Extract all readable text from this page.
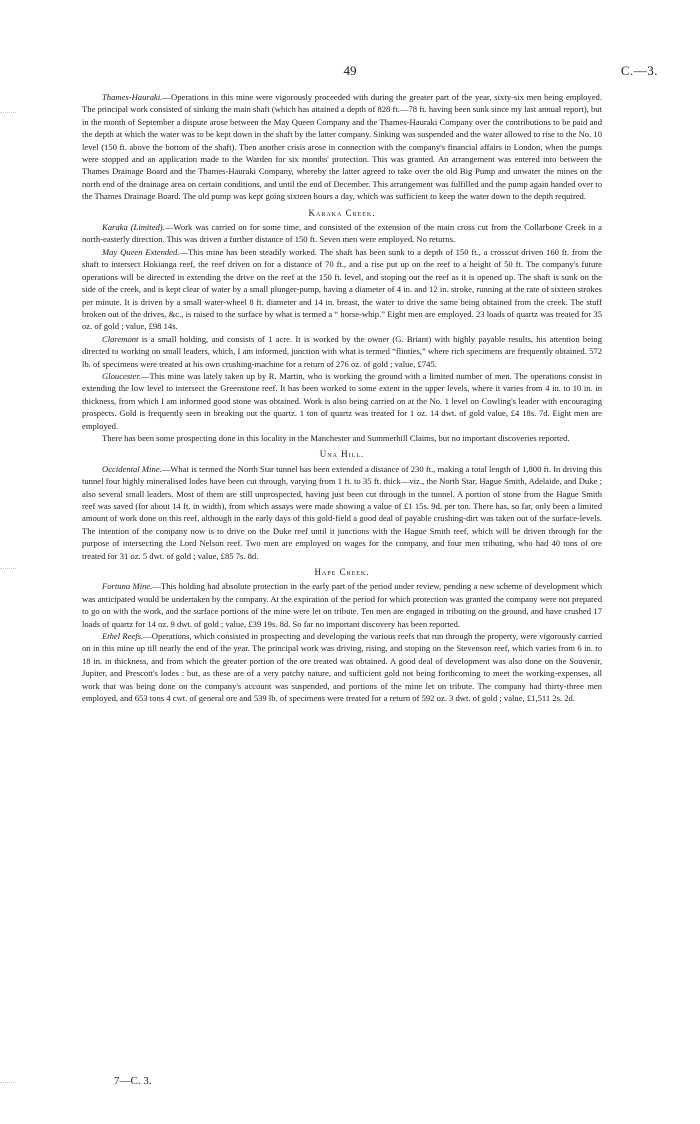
49	C.—3.

Thames-Hauraki.—Operations in this mine were vigorously proceeded with during the greater part of the year, sixty-six men being employed. The principal work consisted of sinking the main shaft (which has attained a depth of 828 ft.—78 ft. having been sunk since my last annual report), but in the month of September a dispute arose between the May Queen Company and the Thames-Hauraki Company over the contributions to be paid and the depth at which the water was to be kept down in the shaft by the latter company. Sinking was suspended and the water allowed to rise to the No. 10 level (150 ft. above the bottom of the shaft). Then another crisis arose in connection with the company's financial affairs in London, when the pumps were stopped and an application made to the Warden for six months' protection. This was granted. An arrangement was entered into between the Thames Drainage Board and the Thames-Hauraki Company, whereby the latter agreed to take over the old Big Pump and unwater the mines on the north end of the drainage area on certain conditions, and until the end of December. This arrangement was fulfilled and the pump again handed over to the Thames Drainage Board. The old pump was kept going sixteen hours a day, which was sufficient to keep the water down to the depth required.

Karaka Creek.

Karaka (Limited).—Work was carried on for some time, and consisted of the extension of the main cross cut from the Collarbone Creek in a north-easterly direction. This was driven a further distance of 150 ft. Seven men were employed. No returns.

May Queen Extended.—This mine has been steadily worked. The shaft has been sunk to a depth of 150 ft., a crosscut driven 160 ft. from the shaft to intersect Hokianga reef, the reef driven on for a distance of 70 ft., and a rise put up on the reef to a height of 50 ft. The company's future operations will be directed in extending the drive on the reef at the 150 ft. level, and stoping out the reef as it is opened up. The shaft is sunk on the side of the creek, and is kept clear of water by a small plunger-pump, having a diameter of 4 in. and 12 in. stroke, running at the rate of sixteen strokes per minute. It is driven by a small water-wheel 8 ft. diameter and 14 in. breast, the water to drive the same being obtained from the creek. The stuff broken out of the drives, &c., is raised to the surface by what is termed a “ horse-whip.” Eight men are employed. 23 loads of quartz was treated for 35 oz. of gold ; value, £98 14s.

Claremont is a small holding, and consists of 1 acre. It is worked by the owner (G. Briant) with highly payable results, his attention being directed to working on small leaders, which, I am informed, junction with what is termed “flinties,” where rich specimens are frequently obtained. 572 lb. of specimens were treated at his own crushing-machine for a return of 276 oz. of gold ; value, £745.

Gloucester.—This mine was lately taken up by R. Martin, who is working the ground with a limited number of men. The operations consist in extending the low level to intersect the Greenstone reef. It has been worked to some extent in the upper levels, where it varies from 4 in. to 10 in. in thickness, from which I am informed good stone was obtained. Work is also being carried on at the No. 1 level on Cowling's leader with encouraging prospects. Gold is frequently seen in breaking out the quartz. 1 ton of quartz was treated for 1 oz. 14 dwt. of gold value, £4 18s. 7d. Eight men are employed.

There has been some prospecting done in this locality in the Manchester and Summerhill Claims, but no important discoveries reported.

Una Hill.

Occidental Mine.—What is termed the North Star tunnel has been extended a distance of 230 ft., making a total length of 1,800 ft. In driving this tunnel four highly mineralised lodes have been cut through, varying from 1 ft. to 35 ft. thick—viz., the North Star, Hague Smith, Adelaide, and Duke ; also several small leaders. Most of them are still unprospected, having just been cut through in the tunnel. A portion of stone from the Hague Smith reef was saved (for about 14 ft. in width), from which assays were made showing a value of £1 15s. 9d. per ton. There has, so far, only been a limited amount of work done on this reef, although in the early days of this gold-field a good deal of payable crushing-dirt was taken out of the surface-levels. The intention of the company now is to drive on the Duke reef until it junctions with the Hague Smith reef, which will be driven through for the purpose of intersecting the Lord Nelson reef. Two men are employed on wages for the company, and four men tributing, who had 40 tons of ore treated for 31 oz. 5 dwt. of gold ; value, £85 7s. 8d.

Hape Creek.

Fortuna Mine.—This holding had absolute protection in the early part of the period under review, pending a new scheme of development which was anticipated would be undertaken by the company. At the expiration of the period for which protection was granted the company were not prepared to go on with the work, and the surface portions of the mine were let on tribute. Ten men are engaged in tributing on the ground, and have crushed 17 loads of quartz for 14 oz. 9 dwt. of gold ; value, £39 19s. 8d. So far no important discovery has been reported.

Ethel Reefs.—Operations, which consisted in prospecting and developing the various reefs that run through the property, were vigorously carried on in this mine up till nearly the end of the year. The principal work was driving, rising, and stoping on the Stevenson reef, which varies from 6 in. to 18 in. in thickness, and from which the greater portion of the ore treated was obtained. A good deal of development was also done on the Souvenir, Jupiter, and Prescott's lodes : but, as these are of a very patchy nature, and sufficient gold not being forthcoming to meet the working-expenses, all work that was being done on the company's account was suspended, and portions of the mine let on tribute. The company had thirty-three men employed, and 653 tons 4 cwt. of general ore and 539 lb. of specimens were treated for a return of 592 oz. 3 dwt. of gold ; value, £1,511 2s. 2d.

7—C. 3.
